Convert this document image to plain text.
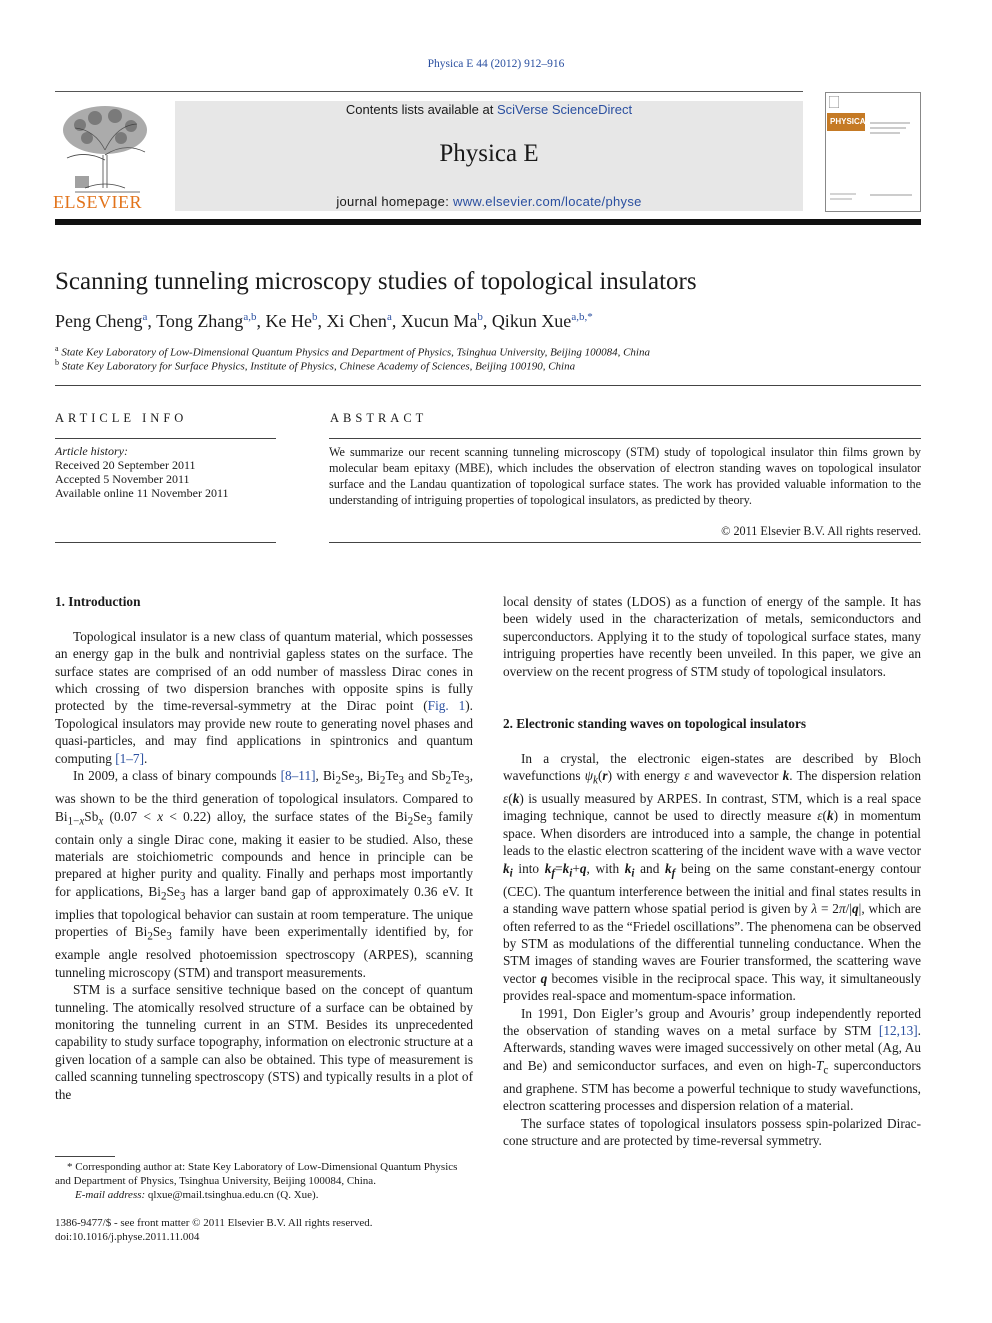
Physica E 44 (2012) 912–916
ELSEVIER
Contents lists available at SciVerse ScienceDirect
Physica E
journal homepage: www.elsevier.com/locate/physe
PHYSICA E
Scanning tunneling microscopy studies of topological insulators
Peng Cheng$^a$, Tong Zhang$^{a,b}$, Ke He$^b$, Xi Chen$^a$, Xucun Ma$^b$, Qikun Xue$^{a,b,*}$
$^a$ State Key Laboratory of Low-Dimensional Quantum Physics and Department of Physics, Tsinghua University, Beijing 100084, China
$^b$ State Key Laboratory for Surface Physics, Institute of Physics, Chinese Academy of Sciences, Beijing 100190, China
ARTICLE INFO	ABSTRACT
Article history:
Received 20 September 2011
Accepted 5 November 2011
Available online 11 November 2011
We summarize our recent scanning tunneling microscopy (STM) study of topological insulator thin films grown by molecular beam epitaxy (MBE), which includes the observation of electron standing waves on topological insulator surface and the Landau quantization of topological surface states. The work has provided valuable information to the understanding of intriguing properties of topological insulators, as predicted by theory.
© 2011 Elsevier B.V. All rights reserved.
1. Introduction

Topological insulator is a new class of quantum material, which possesses an energy gap in the bulk and nontrivial gapless states on the surface. The surface states are comprised of an odd number of massless Dirac cones in which crossing of two dispersion branches with opposite spins is fully protected by the time-reversal-symmetry at the Dirac point (Fig. 1). Topological insulators may provide new route to generating novel phases and quasi-particles, and may find applications in spintronics and quantum computing [1–7].

In 2009, a class of binary compounds [8–11], $Bi_2Se_3$, $Bi_2Te_3$ and $Sb_2Te_3$, was shown to be the third generation of topological insulators. Compared to $Bi_{1-x}Sb_x$ (0.07 < x < 0.22) alloy, the surface states of the $Bi_2Se_3$ family contain only a single Dirac cone, making it easier to be studied. Also, these materials are stoichiometric compounds and hence in principle can be prepared at higher purity and quality. Finally and perhaps most importantly for applications, $Bi_2Se_3$ has a larger band gap of approximately 0.36 eV. It implies that topological behavior can sustain at room temperature. The unique properties of $Bi_2Se_3$ family have been experimentally identified by, for example angle resolved photoemission spectroscopy (ARPES), scanning tunneling microscopy (STM) and transport measurements.

STM is a surface sensitive technique based on the concept of quantum tunneling. The atomically resolved structure of a surface can be obtained by monitoring the tunneling current in an STM. Besides its unprecedented capability to study surface topography, information on electronic structure at a given location of a sample can also be obtained. This type of measurement is called scanning tunneling spectroscopy (STS) and typically results in a plot of the

local density of states (LDOS) as a function of energy of the sample. It has been widely used in the characterization of metals, semiconductors and superconductors. Applying it to the study of topological surface states, many intriguing properties have recently been unveiled. In this paper, we give an overview on the recent progress of STM study of topological insulators.

2. Electronic standing waves on topological insulators

In a crystal, the electronic eigen-states are described by Bloch wavefunctions $\psi_k(r)$ with energy ε and wavevector k. The dispersion relation ε(k) is usually measured by ARPES. In contrast, STM, which is a real space imaging technique, cannot be used to directly measure ε(k) in momentum space. When disorders are introduced into a sample, the change in potential leads to the elastic electron scattering of the incident wave with a wave vector $k_i$ into $k_f=k_i+q$, with $k_i$ and $k_f$ being on the same constant-energy contour (CEC). The quantum interference between the initial and final states results in a standing wave pattern whose spatial period is given by λ = 2π/|q|, which are often referred to as the “Friedel oscillations”. The phenomena can be observed by STM as modulations of the differential tunneling conductance. When the STM images of standing waves are Fourier transformed, the scattering wave vector q becomes visible in the reciprocal space. This way, it simultaneously provides real-space and momentum-space information.

In 1991, Don Eigler’s group and Avouris’ group independently reported the observation of standing waves on a metal surface by STM [12,13]. Afterwards, standing waves were imaged successively on other metal (Ag, Au and Be) and semiconductor surfaces, and even on high-$T_c$ superconductors and graphene. STM has become a powerful technique to study wavefunctions, electron scattering processes and dispersion relation of a material.

The surface states of topological insulators possess spin-polarized Dirac-cone structure and are protected by time-reversal symmetry.

* Corresponding author at: State Key Laboratory of Low-Dimensional Quantum Physics and Department of Physics, Tsinghua University, Beijing 100084, China.
E-mail address: qlxue@mail.tsinghua.edu.cn (Q. Xue).
1386-9477/$ - see front matter © 2011 Elsevier B.V. All rights reserved.
doi:10.1016/j.physe.2011.11.004
